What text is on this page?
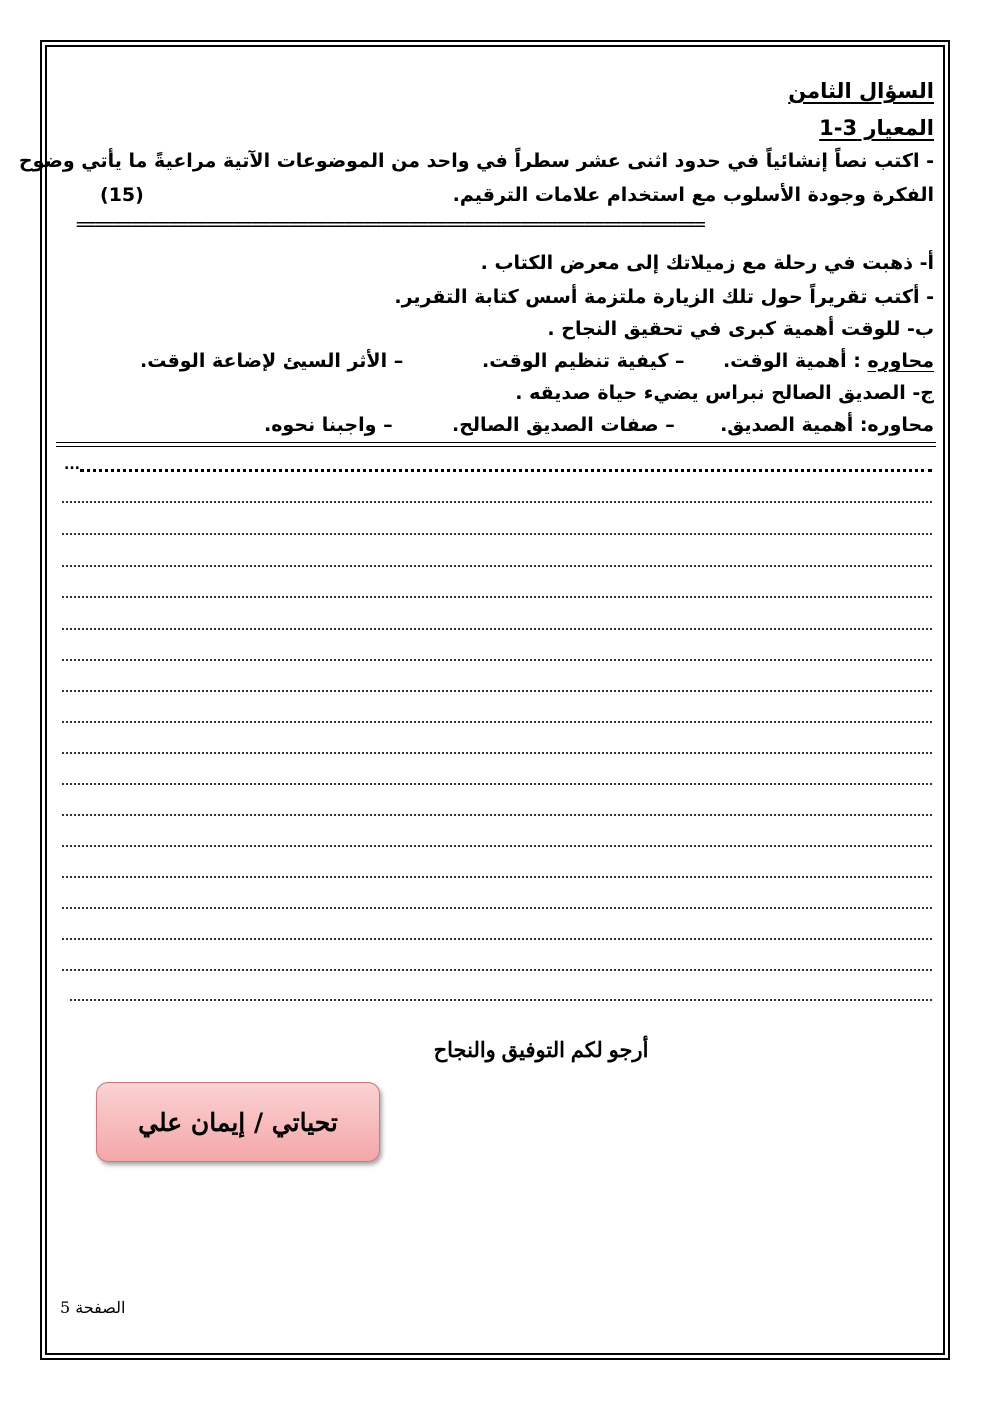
السؤال الثامن
المعيار 3-1
- اكتب نصاً إنشائياً في حدود اثنى عشر سطراً في واحد من الموضوعات الآتية مراعيةً ما يأتي وضوح
الفكرة وجودة الأسلوب مع استخدام علامات الترقيم.
(15)
====================================================================
أ- ذهبت في رحلة مع زميلاتك إلى معرض الكتاب .
- أكتب تقريراً حول تلك الزيارة ملتزمة أسس كتابة التقرير.
ب- للوقت أهمية كبرى في تحقيق النجاح .
محاوره : أهمية الوقت.
– كيفية تنظيم الوقت.
– الأثر السيئ لإضاعة الوقت.
ج- الصديق الصالح نبراس يضيء حياة صديقه .
محاوره: أهمية الصديق.
– صفات الصديق الصالح.
– واجبنا نحوه.
...
أرجو لكم التوفيق والنجاح
تحياتي / إيمان علي
الصفحة 5
